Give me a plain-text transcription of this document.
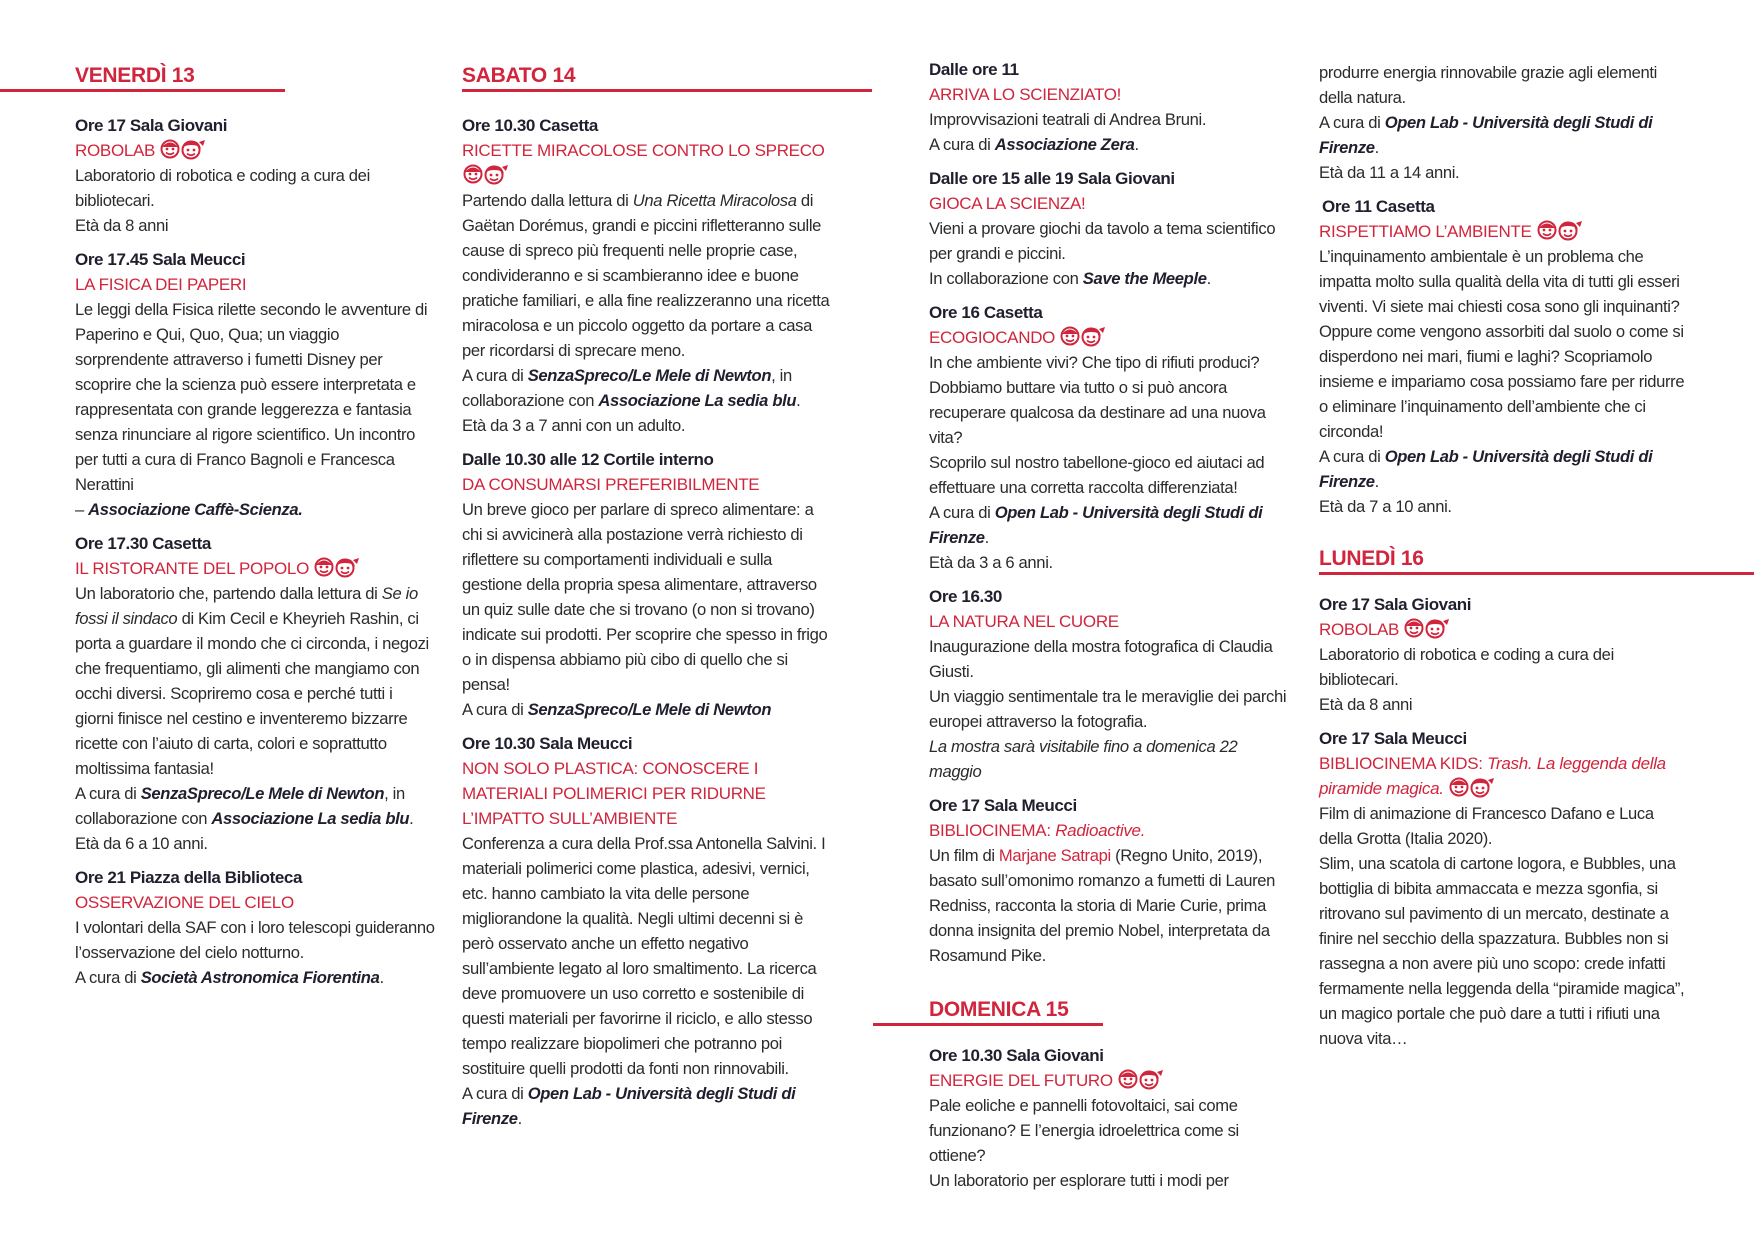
VENERDÌ 13
Ore 17 Sala Giovani
ROBOLAB

Laboratorio di robotica e coding a cura dei bibliotecari.

Età da 8 anni

Ore 17.45 Sala Meucci
LA FISICA DEI PAPERI

Le leggi della Fisica rilette secondo le avventure di Paperino e Qui, Quo, Qua; un viaggio sorprendente attraverso i fumetti Disney per scoprire che la scienza può essere interpretata e rappresentata con grande leggerezza e fantasia senza rinunciare al rigore scientifico. Un incontro per tutti a cura di Franco Bagnoli e Francesca Nerattini

– Associazione Caffè-Scienza.

Ore 17.30 Casetta
IL RISTORANTE DEL POPOLO

Un laboratorio che, partendo dalla lettura di Se io fossi il sindaco di Kim Cecil e Kheyrieh Rashin, ci porta a guardare il mondo che ci circonda, i negozi che frequentiamo, gli alimenti che mangiamo con occhi diversi. Scopriremo cosa e perché tutti i giorni finisce nel cestino e inventeremo bizzarre ricette con l’aiuto di carta, colori e soprattutto moltissima fantasia!

A cura di SenzaSpreco/Le Mele di Newton, in collaborazione con Associazione La sedia blu.

Età da 6 a 10 anni.

Ore 21 Piazza della Biblioteca
OSSERVAZIONE DEL CIELO

I volontari della SAF con i loro telescopi guideranno l’osservazione del cielo notturno.

A cura di Società Astronomica Fiorentina.

SABATO 14
Ore 10.30 Casetta
RICETTE MIRACOLOSE CONTRO LO SPRECO

Partendo dalla lettura di Una Ricetta Miracolosa di Gaëtan Dorémus, grandi e piccini rifletteranno sulle cause di spreco più frequenti nelle proprie case, condivideranno e si scambieranno idee e buone pratiche familiari, e alla fine realizzeranno una ricetta miracolosa e un piccolo oggetto da portare a casa per ricordarsi di sprecare meno.

A cura di SenzaSpreco/Le Mele di Newton, in collaborazione con Associazione La sedia blu.

Età da 3 a 7 anni con un adulto.

Dalle 10.30 alle 12 Cortile interno
DA CONSUMARSI PREFERIBILMENTE

Un breve gioco per parlare di spreco alimentare: a chi si avvicinerà alla postazione verrà richiesto di riflettere su comportamenti individuali e sulla gestione della propria spesa alimentare, attraverso un quiz sulle date che si trovano (o non si trovano) indicate sui prodotti. Per scoprire che spesso in frigo o in dispensa abbiamo più cibo di quello che si pensa!

A cura di SenzaSpreco/Le Mele di Newton

Ore 10.30 Sala Meucci
NON SOLO PLASTICA: CONOSCERE I MATERIALI POLIMERICI PER RIDURNE L’IMPATTO SULL’AMBIENTE

Conferenza a cura della Prof.ssa Antonella Salvini. I materiali polimerici come plastica, adesivi, vernici, etc. hanno cambiato la vita delle persone migliorandone la qualità. Negli ultimi decenni si è però osservato anche un effetto negativo sull’ambiente legato al loro smaltimento. La ricerca deve promuovere un uso corretto e sostenibile di questi materiali per favorirne il riciclo, e allo stesso tempo realizzare biopolimeri che potranno poi sostituire quelli prodotti da fonti non rinnovabili.

A cura di Open Lab - Università degli Studi di Firenze.

Dalle ore 11
ARRIVA LO SCIENZIATO!

Improvvisazioni teatrali di Andrea Bruni.

A cura di Associazione Zera.

Dalle ore 15 alle 19 Sala Giovani
GIOCA LA SCIENZA!

Vieni a provare giochi da tavolo a tema scientifico per grandi e piccini.

In collaborazione con Save the Meeple.

Ore 16 Casetta
ECOGIOCANDO

In che ambiente vivi? Che tipo di rifiuti produci? Dobbiamo buttare via tutto o si può ancora recuperare qualcosa da destinare ad una nuova vita?

Scoprilo sul nostro tabellone-gioco ed aiutaci ad effettuare una corretta raccolta differenziata!

A cura di Open Lab - Università degli Studi di Firenze.

Età da 3 a 6 anni.

Ore 16.30
LA NATURA NEL CUORE

Inaugurazione della mostra fotografica di Claudia Giusti.

Un viaggio sentimentale tra le meraviglie dei parchi europei attraverso la fotografia.

La mostra sarà visitabile fino a domenica 22 maggio

Ore 17 Sala Meucci
BIBLIOCINEMA: Radioactive.

Un film di Marjane Satrapi (Regno Unito, 2019), basato sull’omonimo romanzo a fumetti di Lauren Redniss, racconta la storia di Marie Curie, prima donna insignita del premio Nobel, interpretata da Rosamund Pike.

DOMENICA 15
Ore 10.30 Sala Giovani
ENERGIE DEL FUTURO

Pale eoliche e pannelli fotovoltaici, sai come funzionano? E l’energia idroelettrica come si ottiene?

Un laboratorio per esplorare tutti i modi per

produrre energia rinnovabile grazie agli elementi della natura.

A cura di Open Lab - Università degli Studi di Firenze.

Età da 11 a 14 anni.

Ore 11 Casetta
RISPETTIAMO L’AMBIENTE

L’inquinamento ambientale è un problema che impatta molto sulla qualità della vita di tutti gli esseri viventi. Vi siete mai chiesti cosa sono gli inquinanti? Oppure come vengono assorbiti dal suolo o come si disperdono nei mari, fiumi e laghi? Scopriamolo insieme e impariamo cosa possiamo fare per ridurre o eliminare l’inquinamento dell’ambiente che ci circonda!

A cura di Open Lab - Università degli Studi di Firenze.

Età da 7 a 10 anni.

LUNEDÌ 16
Ore 17 Sala Giovani
ROBOLAB

Laboratorio di robotica e coding a cura dei bibliotecari.

Età da 8 anni

Ore 17 Sala Meucci
BIBLIOCINEMA KIDS: Trash. La leggenda della piramide magica.

Film di animazione di Francesco Dafano e Luca della Grotta (Italia 2020).

Slim, una scatola di cartone logora, e Bubbles, una bottiglia di bibita ammaccata e mezza sgonfia, si ritrovano sul pavimento di un mercato, destinate a finire nel secchio della spazzatura. Bubbles non si rassegna a non avere più uno scopo: crede infatti fermamente nella leggenda della “piramide magica”, un magico portale che può dare a tutti i rifiuti una nuova vita…
